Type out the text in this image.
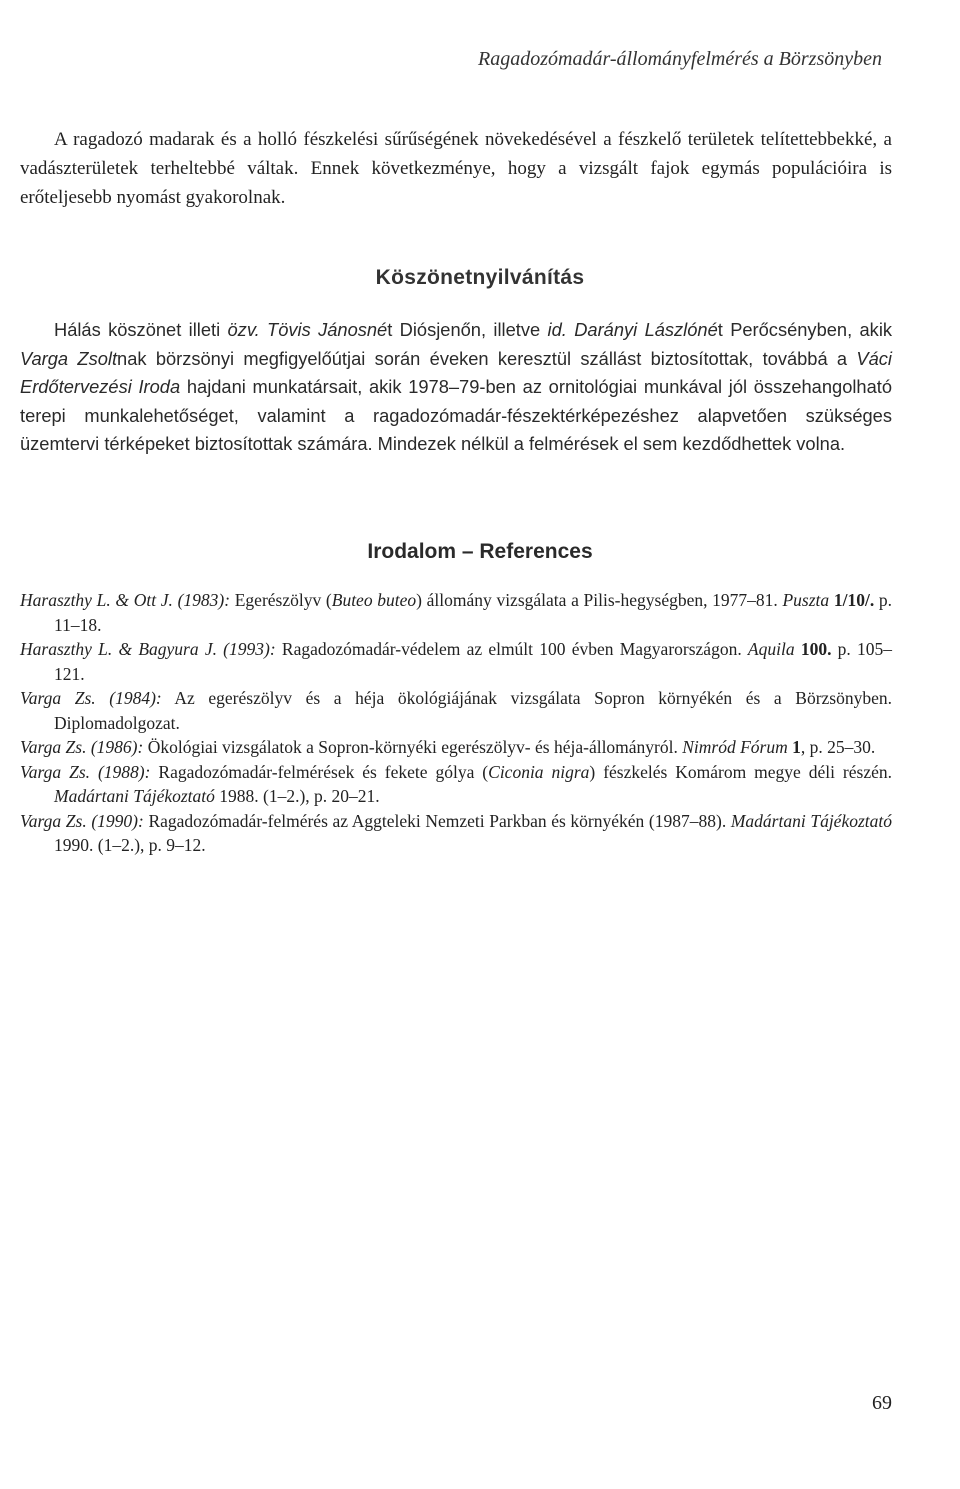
Ragadozómadár-állományfelmérés a Börzsönyben
A ragadozó madarak és a holló fészkelési sűrűségének növekedésével a fészkelő területek telítettebbekké, a vadászterületek terheltebbé váltak. Ennek következménye, hogy a vizsgált fajok egymás populációira is erőteljesebb nyomást gyakorolnak.
Köszönetnyilvánítás
Hálás köszönet illeti özv. Tövis Jánosnét Diósjenőn, illetve id. Darányi Lászlónét Perőcsényben, akik Varga Zsoltnak börzsönyi megfigyelőútjai során éveken keresztül szállást biztosítottak, továbbá a Váci Erdőtervezési Iroda hajdani munkatársait, akik 1978–79-ben az ornitológiai munkával jól összehangolható terepi munkalehetőséget, valamint a ragadozómadár-fészektérképezéshez alapvetően szükséges üzemtervi térképeket biztosítottak számára. Mindezek nélkül a felmérések el sem kezdődhettek volna.
Irodalom – References
Haraszthy L. & Ott J. (1983): Egerészölyv (Buteo buteo) állomány vizsgálata a Pilis-hegységben, 1977–81. Puszta 1/10/. p. 11–18.
Haraszthy L. & Bagyura J. (1993): Ragadozómadár-védelem az elmúlt 100 évben Magyarországon. Aquila 100. p. 105–121.
Varga Zs. (1984): Az egerészölyv és a héja ökológiájának vizsgálata Sopron környékén és a Börzsönyben. Diplomadolgozat.
Varga Zs. (1986): Ökológiai vizsgálatok a Sopron-környéki egerészölyv- és héja-állományról. Nimród Fórum 1, p. 25–30.
Varga Zs. (1988): Ragadozómadár-felmérések és fekete gólya (Ciconia nigra) fészkelés Komárom megye déli részén. Madártani Tájékoztató 1988. (1–2.), p. 20–21.
Varga Zs. (1990): Ragadozómadár-felmérés az Aggteleki Nemzeti Parkban és környékén (1987–88). Madártani Tájékoztató 1990. (1–2.), p. 9–12.
69
